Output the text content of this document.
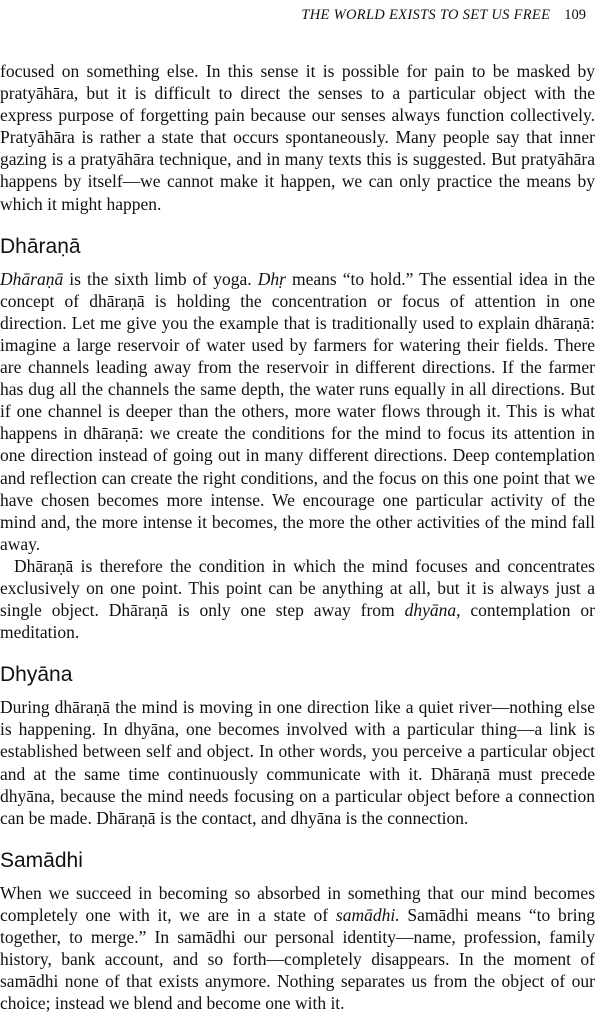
THE WORLD EXISTS TO SET US FREE 109

focused on something else. In this sense it is possible for pain to be masked by pratyāhāra, but it is difficult to direct the senses to a particular object with the express purpose of forgetting pain because our senses always function collectively. Pratyāhāra is rather a state that occurs spontaneously. Many people say that inner gazing is a pratyāhāra technique, and in many texts this is suggested. But pratyāhāra happens by itself—we cannot make it happen, we can only practice the means by which it might happen.

Dhāraṇā

Dhāraṇā is the sixth limb of yoga. Dhṛ means “to hold.” The essential idea in the concept of dhāraṇā is holding the concentration or focus of attention in one direction. Let me give you the example that is traditionally used to explain dhāraṇā: imagine a large reservoir of water used by farmers for watering their fields. There are channels leading away from the reservoir in different directions. If the farmer has dug all the channels the same depth, the water runs equally in all directions. But if one channel is deeper than the others, more water flows through it. This is what happens in dhāraṇā: we create the conditions for the mind to focus its attention in one direction instead of going out in many different directions. Deep contemplation and reflection can create the right conditions, and the focus on this one point that we have chosen becomes more intense. We encourage one particular activity of the mind and, the more intense it becomes, the more the other activities of the mind fall away.

Dhāraṇā is therefore the condition in which the mind focuses and concentrates exclusively on one point. This point can be anything at all, but it is always just a single object. Dhāraṇā is only one step away from dhyāna, contemplation or meditation.

Dhyāna

During dhāraṇā the mind is moving in one direction like a quiet river—nothing else is happening. In dhyāna, one becomes involved with a particular thing—a link is established between self and object. In other words, you perceive a particular object and at the same time continuously communicate with it. Dhāraṇā must precede dhyāna, because the mind needs focusing on a particular object before a connection can be made. Dhāraṇā is the contact, and dhyāna is the connection.

Samādhi

When we succeed in becoming so absorbed in something that our mind becomes completely one with it, we are in a state of samādhi. Samādhi means “to bring together, to merge.” In samādhi our personal identity—name, profession, family history, bank account, and so forth—completely disappears. In the moment of samādhi none of that exists anymore. Nothing separates us from the object of our choice; instead we blend and become one with it.
